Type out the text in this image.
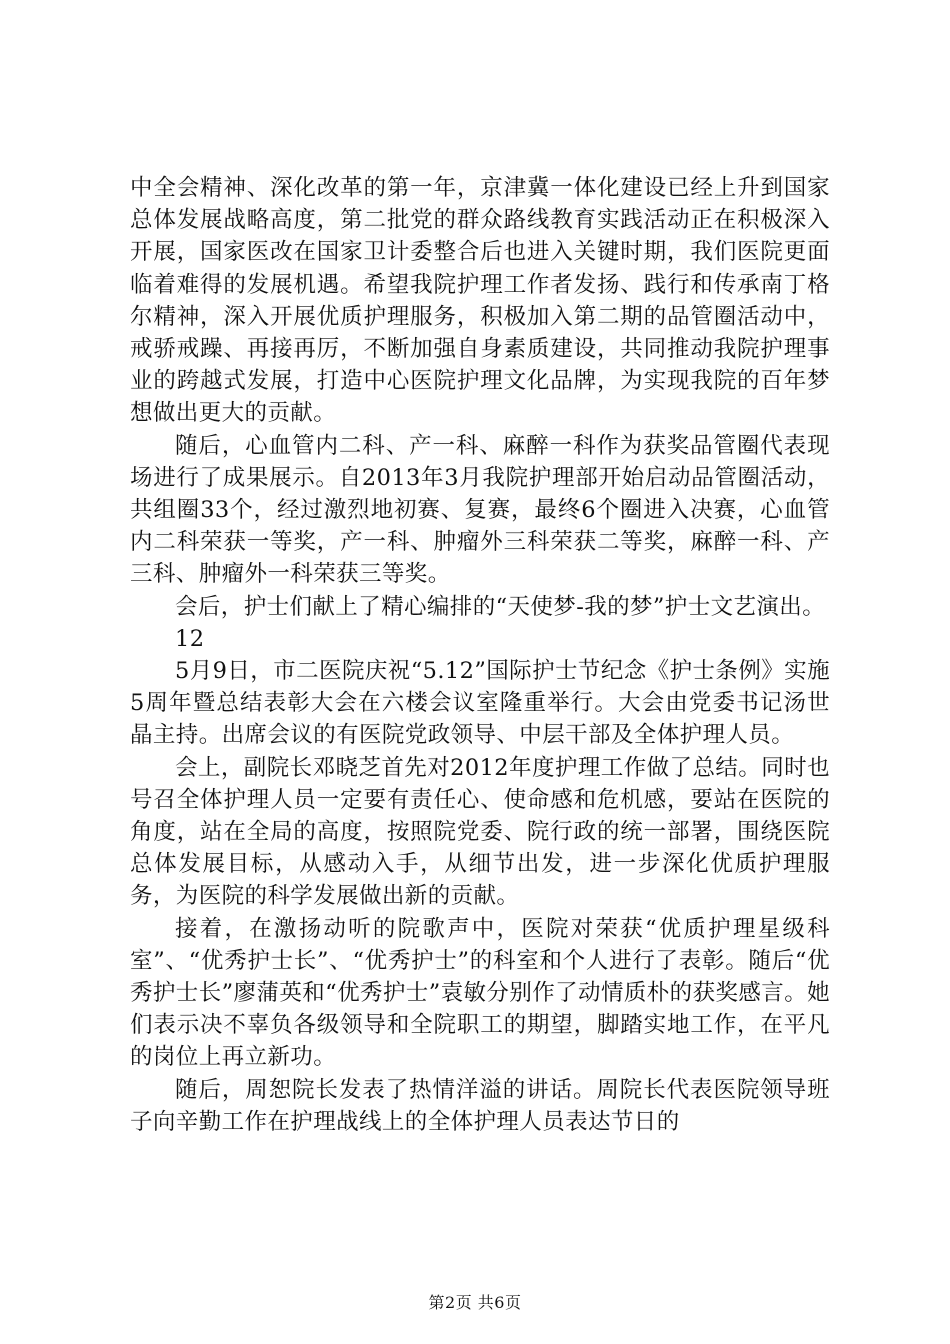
中全会精神、深化改革的第一年，京津冀一体化建设已经上升到国家总体发展战略高度，第二批党的群众路线教育实践活动正在积极深入开展，国家医改在国家卫计委整合后也进入关键时期，我们医院更面临着难得的发展机遇。希望我院护理工作者发扬、践行和传承南丁格尔精神，深入开展优质护理服务，积极加入第二期的品管圈活动中，戒骄戒躁、再接再厉，不断加强自身素质建设，共同推动我院护理事业的跨越式发展，打造中心医院护理文化品牌，为实现我院的百年梦想做出更大的贡献。

随后，心血管内二科、产一科、麻醉一科作为获奖品管圈代表现场进行了成果展示。自2013年3月我院护理部开始启动品管圈活动，共组圈33个，经过激烈地初赛、复赛，最终6个圈进入决赛，心血管内二科荣获一等奖，产一科、肿瘤外三科荣获二等奖，麻醉一科、产三科、肿瘤外一科荣获三等奖。

会后，护士们献上了精心编排的“天使梦-我的梦”护士文艺演出。

12

5月9日，市二医院庆祝“5.12”国际护士节纪念《护士条例》实施5周年暨总结表彰大会在六楼会议室隆重举行。大会由党委书记汤世晶主持。出席会议的有医院党政领导、中层干部及全体护理人员。

会上，副院长邓晓芝首先对2012年度护理工作做了总结。同时也号召全体护理人员一定要有责任心、使命感和危机感，要站在医院的角度，站在全局的高度，按照院党委、院行政的统一部署，围绕医院总体发展目标，从感动入手，从细节出发，进一步深化优质护理服务，为医院的科学发展做出新的贡献。

接着，在激扬动听的院歌声中，医院对荣获“优质护理星级科室”、“优秀护士长”、“优秀护士”的科室和个人进行了表彰。随后“优秀护士长”廖蒲英和“优秀护士”袁敏分别作了动情质朴的获奖感言。她们表示决不辜负各级领导和全院职工的期望，脚踏实地工作，在平凡的岗位上再立新功。

随后，周恕院长发表了热情洋溢的讲话。周院长代表医院领导班子向辛勤工作在护理战线上的全体护理人员表达节日的

第2页 共6页
